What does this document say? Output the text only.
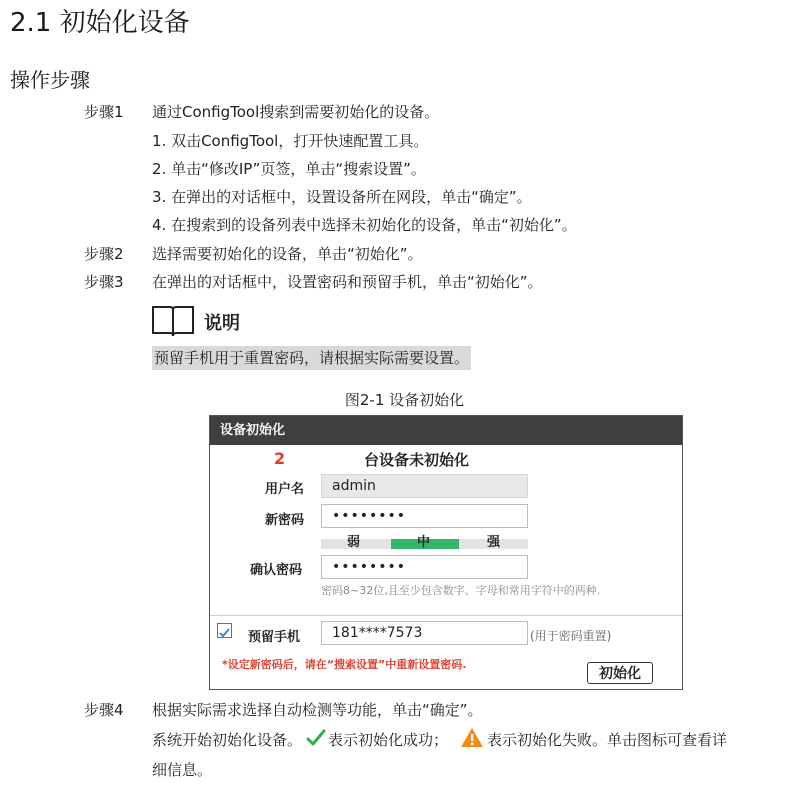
2.1 初始化设备
操作步骤
步骤1 通过ConfigTool搜索到需要初始化的设备。
1. 双击ConfigTool，打开快速配置工具。
2. 单击“修改IP”页签，单击“搜索设置”。
3. 在弹出的对话框中，设置设备所在网段，单击“确定”。
4. 在搜索到的设备列表中选择未初始化的设备，单击“初始化”。
步骤2 选择需要初始化的设备，单击“初始化”。
步骤3 在弹出的对话框中，设置密码和预留手机，单击“初始化”。
说明
预留手机用于重置密码，请根据实际需要设置。
图2-1 设备初始化
设备初始化
2	台设备未初始化
用户名	admin
新密码	••••••••
弱	中	强
确认密码	••••••••
密码8~32位,且至少包含数字、字母和常用字符中的两种.
预留手机	181****7573	(用于密码重置)
*设定新密码后，请在“搜索设置”中重新设置密码.
初始化
步骤4 根据实际需求选择自动检测等功能，单击“确定”。
系统开始初始化设备。 表示初始化成功；	表示初始化失败。单击图标可查看详
细信息。
